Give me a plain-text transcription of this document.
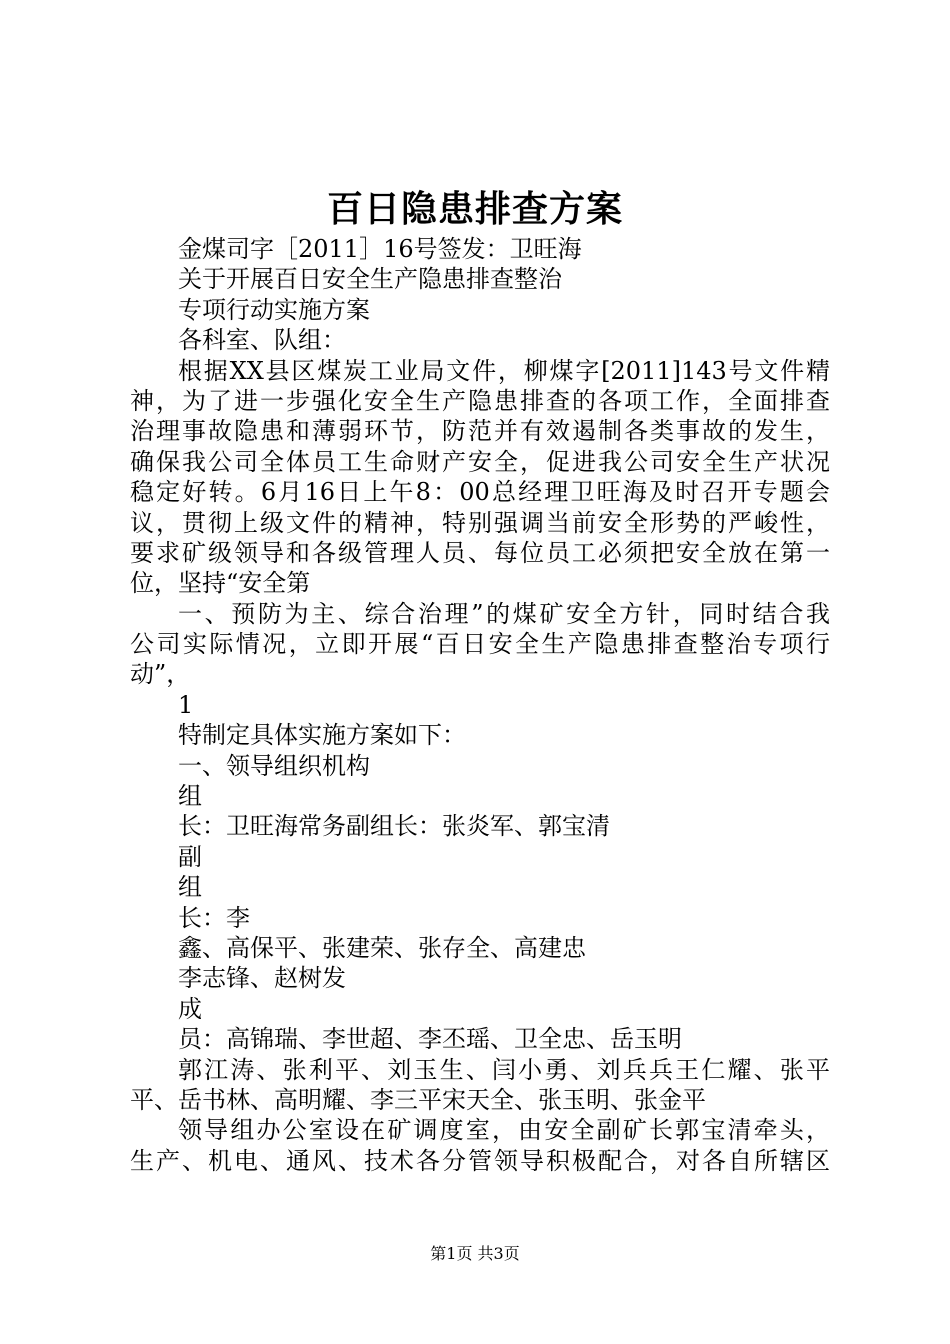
百日隐患排查方案
金煤司字［2011］16号签发：卫旺海
关于开展百日安全生产隐患排查整治
专项行动实施方案
各科室、队组：
根据XX县区煤炭工业局文件，柳煤字[2011]143号文件精
神，为了进一步强化安全生产隐患排查的各项工作，全面排查
治理事故隐患和薄弱环节，防范并有效遏制各类事故的发生，
确保我公司全体员工生命财产安全，促进我公司安全生产状况
稳定好转。6月16日上午8：00总经理卫旺海及时召开专题会
议，贯彻上级文件的精神，特别强调当前安全形势的严峻性，
要求矿级领导和各级管理人员、每位员工必须把安全放在第一
位，坚持“安全第
一、预防为主、综合治理”的煤矿安全方针，同时结合我
公司实际情况，立即开展“百日安全生产隐患排查整治专项行
动”，
1
特制定具体实施方案如下：
一、领导组织机构
组
长：卫旺海常务副组长：张炎军、郭宝清
副
组
长：李
鑫、高保平、张建荣、张存全、高建忠
李志锋、赵树发
成
员：高锦瑞、李世超、李丕瑶、卫全忠、岳玉明
郭江涛、张利平、刘玉生、闫小勇、刘兵兵王仁耀、张平
平、岳书林、高明耀、李三平宋天全、张玉明、张金平
领导组办公室设在矿调度室，由安全副矿长郭宝清牵头，
生产、机电、通风、技术各分管领导积极配合，对各自所辖区
第1页 共3页
